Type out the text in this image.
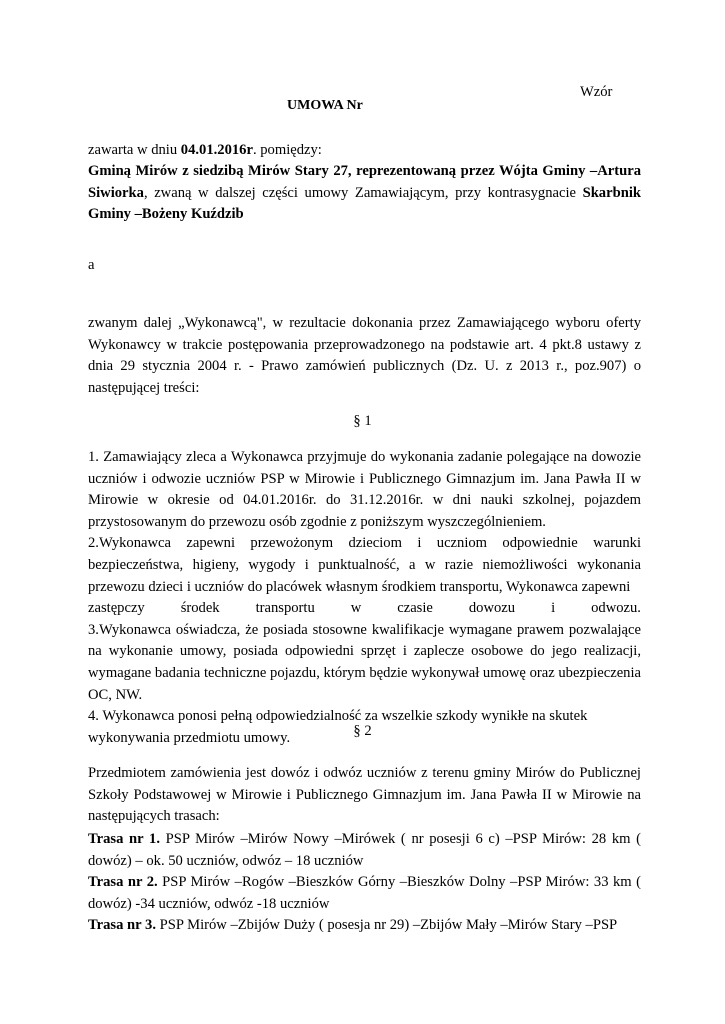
Wzór

UMOWA Nr

zawarta w dniu 04.01.2016r. pomiędzy:

Gminą Mirów z siedzibą Mirów Stary 27, reprezentowaną przez Wójta Gminy –Artura Siwiorka, zwaną w dalszej części umowy Zamawiającym, przy kontrasygnacie Skarbnik Gminy –Bożeny Kuździb

a

zwanym dalej „Wykonawcą", w rezultacie dokonania przez Zamawiającego wyboru oferty Wykonawcy w trakcie postępowania przeprowadzonego na podstawie art. 4 pkt.8 ustawy z dnia 29 stycznia 2004 r. - Prawo zamówień publicznych (Dz. U. z 2013 r., poz.907) o następującej treści:

§ 1

1. Zamawiający zleca a Wykonawca przyjmuje do wykonania zadanie polegające na dowozie uczniów i odwozie uczniów PSP w Mirowie i Publicznego Gimnazjum im. Jana Pawła II w Mirowie w okresie od 04.01.2016r. do 31.12.2016r. w dni nauki szkolnej, pojazdem przystosowanym do przewozu osób zgodnie z poniższym wyszczególnieniem.
2.Wykonawca zapewni przewożonym dzieciom i uczniom odpowiednie warunki bezpieczeństwa, higieny, wygody i punktualność, a w razie niemożliwości wykonania przewozu dzieci i uczniów do placówek własnym środkiem transportu, Wykonawca zapewni
zastępczy środek transportu w czasie dowozu i odwozu.
3.Wykonawca oświadcza, że posiada stosowne kwalifikacje wymagane prawem pozwalające na wykonanie umowy, posiada odpowiedni sprzęt i zaplecze osobowe do jego realizacji, wymagane badania techniczne pojazdu, którym będzie wykonywał umowę oraz ubezpieczenia OC, NW.
4. Wykonawca ponosi pełną odpowiedzialność za wszelkie szkody wynikłe na skutek
wykonywania przedmiotu umowy.	§ 2

Przedmiotem zamówienia jest dowóz i odwóz uczniów z terenu gminy Mirów do Publicznej Szkoły Podstawowej w Mirowie i Publicznego Gimnazjum im. Jana Pawła II w Mirowie na następujących trasach:

Trasa nr 1. PSP Mirów –Mirów Nowy –Mirówek ( nr posesji 6 c) –PSP Mirów: 28 km ( dowóz) – ok. 50 uczniów, odwóz – 18 uczniów
Trasa nr 2. PSP Mirów –Rogów –Bieszków Górny –Bieszków Dolny –PSP Mirów: 33 km ( dowóz) -34 uczniów, odwóz -18 uczniów
Trasa nr 3. PSP Mirów –Zbijów Duży ( posesja nr 29) –Zbijów Mały –Mirów Stary –PSP
